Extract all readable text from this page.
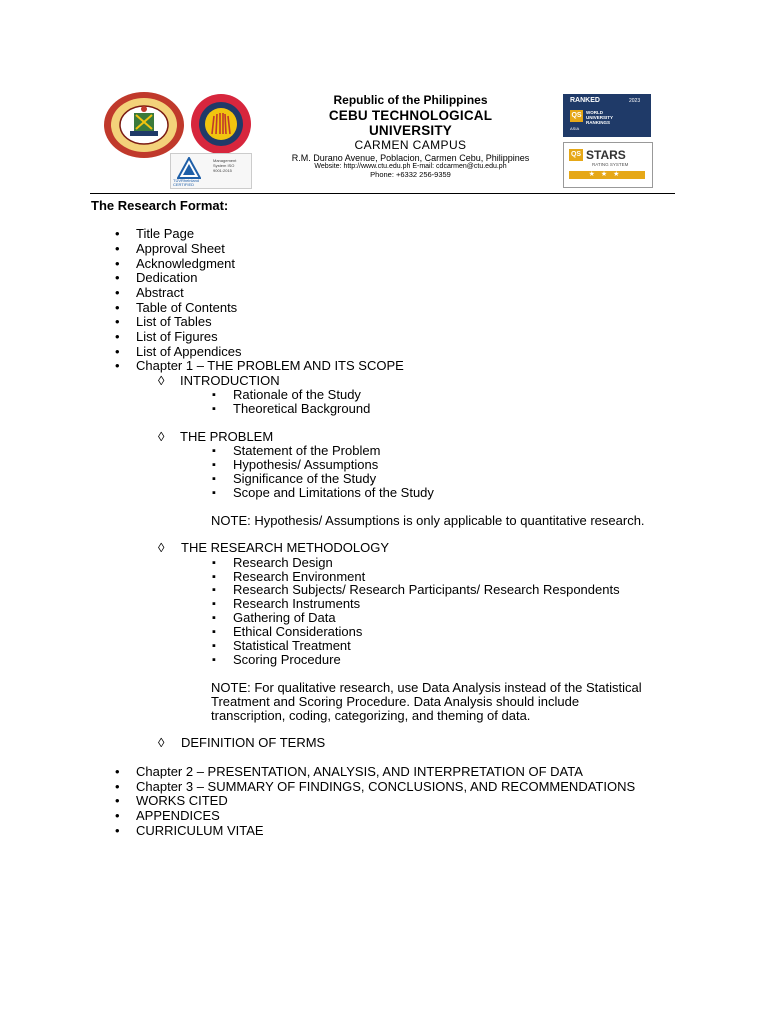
TÜVRheinland CERTIFIED
Management System ISO 9001:2015
Republic of the Philippines
CEBU TECHNOLOGICAL UNIVERSITY
CARMEN CAMPUS
R.M. Durano Avenue, Poblacion, Carmen Cebu, Philippines
Website: http://www.ctu.edu.ph E-mail: cdcarmen@ctu.edu.ph
Phone: +6332 256-9359
RANKED	2023
QS WORLD UNIVERSITY RANKINGS
ASIA
QS STARS
RATING SYSTEM
★★★
The Research Format:
• Title Page
• Approval Sheet
• Acknowledgment
• Dedication
• Abstract
• Table of Contents
• List of Tables
• List of Figures
• List of Appendices
• Chapter 1 – THE PROBLEM AND ITS SCOPE
◊ INTRODUCTION
▪ Rationale of the Study
▪ Theoretical Background
◊ THE PROBLEM
▪ Statement of the Problem
▪ Hypothesis/ Assumptions
▪ Significance of the Study
▪ Scope and Limitations of the Study
NOTE: Hypothesis/ Assumptions is only applicable to quantitative research.
◊ THE RESEARCH METHODOLOGY
▪ Research Design
▪ Research Environment
▪ Research Subjects/ Research Participants/ Research Respondents
▪ Research Instruments
▪ Gathering of Data
▪ Ethical Considerations
▪ Statistical Treatment
▪ Scoring Procedure
NOTE: For qualitative research, use Data Analysis instead of the Statistical
Treatment and Scoring Procedure. Data Analysis should include
transcription, coding, categorizing, and theming of data.
◊ DEFINITION OF TERMS
• Chapter 2 – PRESENTATION, ANALYSIS, AND INTERPRETATION OF DATA
• Chapter 3 – SUMMARY OF FINDINGS, CONCLUSIONS, AND RECOMMENDATIONS
• WORKS CITED
• APPENDICES
• CURRICULUM VITAE
